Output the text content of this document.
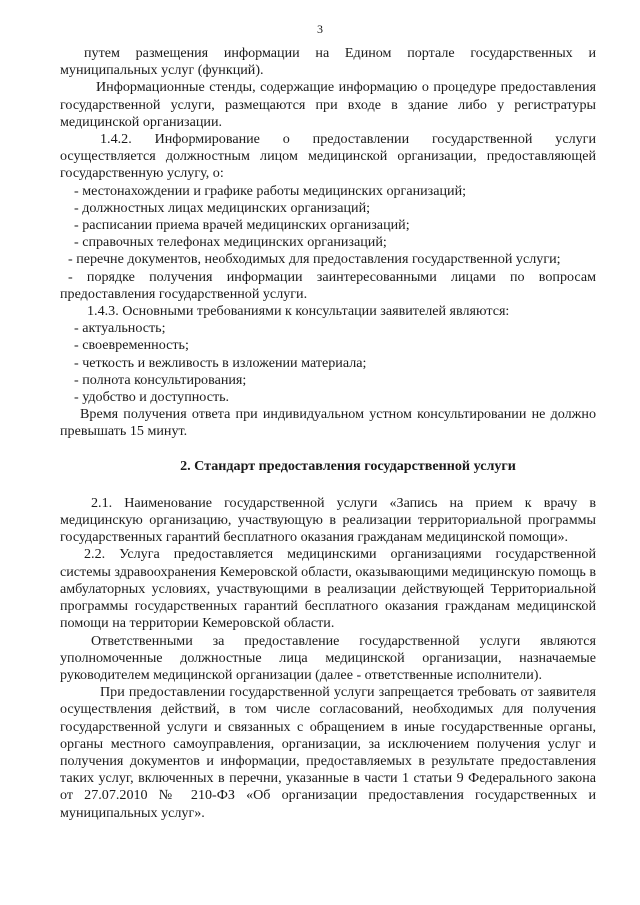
3

путем размещения информации на Едином портале государственных и муниципальных услуг (функций).

Информационные стенды, содержащие информацию о процедуре предоставления государственной услуги, размещаются при входе в здание либо у регистратуры медицинской организации.

1.4.2. Информирование о предоставлении государственной услуги осуществляется должностным лицом медицинской организации, предоставляющей государственную услугу, о:

- местонахождении и графике работы медицинских организаций;

- должностных лицах медицинских организаций;

- расписании приема врачей медицинских организаций;

- справочных телефонах медицинских организаций;

- перечне документов, необходимых для предоставления государственной услуги;

- порядке получения информации заинтересованными лицами по вопросам предоставления государственной услуги.

1.4.3. Основными требованиями к консультации заявителей являются:

- актуальность;

- своевременность;

- четкость и вежливость в изложении материала;

- полнота консультирования;

- удобство и доступность.

Время получения ответа при индивидуальном устном консультировании не должно превышать 15 минут.

2. Стандарт предоставления государственной услуги

2.1. Наименование государственной услуги «Запись на прием к врачу в медицинскую организацию, участвующую в реализации территориальной программы государственных гарантий бесплатного оказания гражданам медицинской помощи».

2.2. Услуга предоставляется медицинскими организациями государственной системы здравоохранения Кемеровской области, оказывающими медицинскую помощь в амбулаторных условиях, участвующими в реализации действующей Территориальной программы государственных гарантий бесплатного оказания гражданам медицинской помощи на территории Кемеровской области.

Ответственными за предоставление государственной услуги являются уполномоченные должностные лица медицинской организации, назначаемые руководителем медицинской организации (далее - ответственные исполнители).

При предоставлении государственной услуги запрещается требовать от заявителя осуществления действий, в том числе согласований, необходимых для получения государственной услуги и связанных с обращением в иные государственные органы, органы местного самоуправления, организации, за исключением получения услуг и получения документов и информации, предоставляемых в результате предоставления таких услуг, включенных в перечни, указанные в части 1 статьи 9 Федерального закона от 27.07.2010 № 210-ФЗ «Об организации предоставления государственных и муниципальных услуг».
